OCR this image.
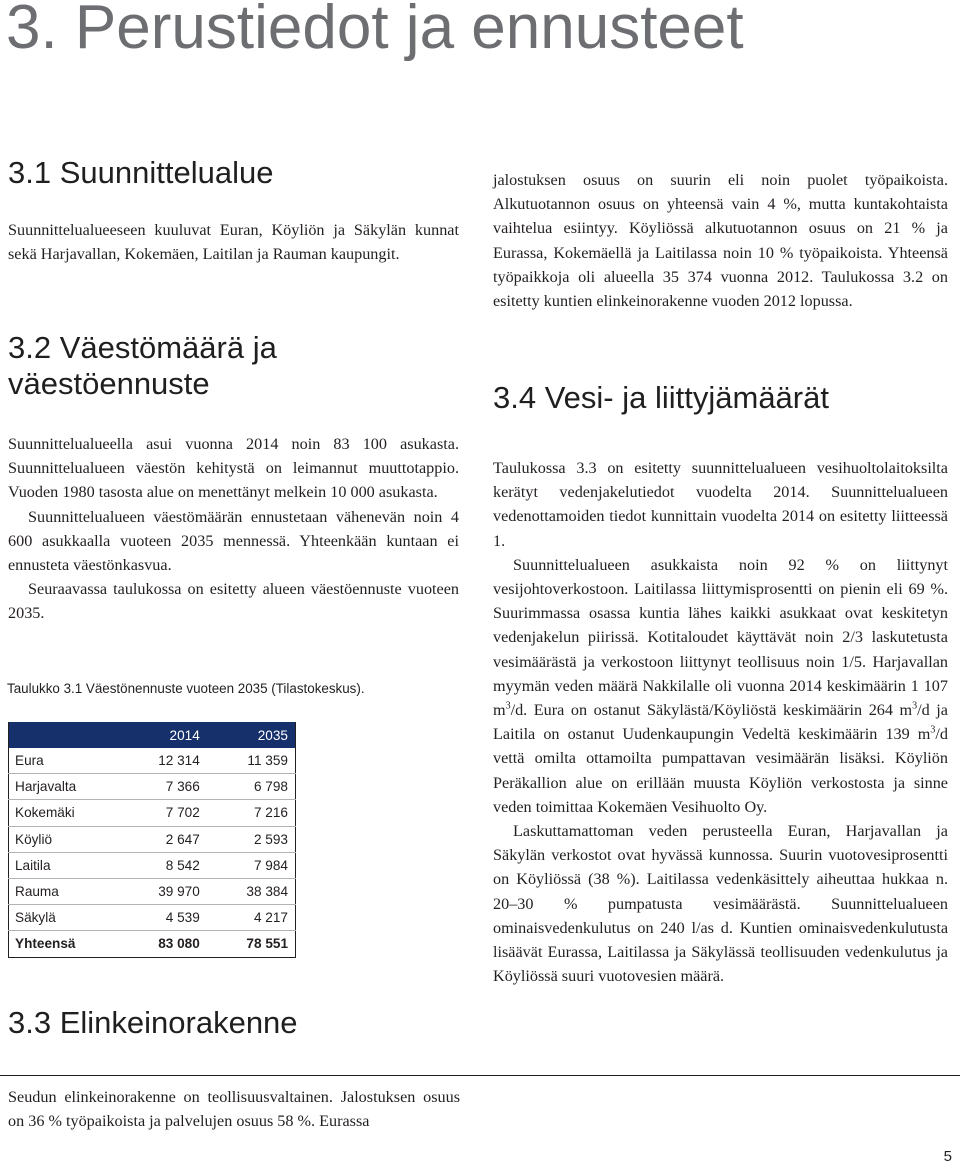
3. Perustiedot ja ennusteet
3.1 Suunnittelualue

Suunnittelualueeseen kuuluvat Euran, Köyliön ja Säkylän kunnat sekä Harjavallan, Kokemäen, Laitilan ja Rauman kaupungit.

3.2 Väestömäärä ja
väestöennuste

Suunnittelualueella asui vuonna 2014 noin 83 100 asukasta. Suunnittelualueen väestön kehitystä on leimannut muuttotappio. Vuoden 1980 tasosta alue on menettänyt melkein 10 000 asukasta.

Suunnittelualueen väestömäärän ennustetaan vähenevän noin 4 600 asukkaalla vuoteen 2035 mennessä. Yhteenkään kuntaan ei ennusteta väestönkasvua.

Seuraavassa taulukossa on esitetty alueen väestöennuste vuoteen 2035.

Taulukko 3.1 Väestönennuste vuoteen 2035 (Tilastokeskus).
	2014	2035
Eura	12 314	11 359
Harjavalta	7 366	6 798
Kokemäki	7 702	7 216
Köyliö	2 647	2 593
Laitila	8 542	7 984
Rauma	39 970	38 384
Säkylä	4 539	4 217
Yhteensä	83 080	78 551
3.3 Elinkeinorakenne

Seudun elinkeinorakenne on teollisuusvaltainen. Jalostuksen osuus on 36 % työpaikoista ja palvelujen osuus 58 %. Eurassa

jalostuksen osuus on suurin eli noin puolet työpaikoista. Alkutuotannon osuus on yhteensä vain 4 %, mutta kuntakohtaista vaihtelua esiintyy. Köyliössä alkutuotannon osuus on 21 % ja Eurassa, Kokemäellä ja Laitilassa noin 10 % työpaikoista. Yhteensä työpaikkoja oli alueella 35 374 vuonna 2012. Taulukossa 3.2 on esitetty kuntien elinkeinorakenne vuoden 2012 lopussa.

3.4 Vesi- ja liittyjämäärät

Taulukossa 3.3 on esitetty suunnittelualueen vesihuoltolaitoksilta kerätyt vedenjakelutiedot vuodelta 2014. Suunnittelualueen vedenottamoiden tiedot kunnittain vuodelta 2014 on esitetty liitteessä 1.

Suunnittelualueen asukkaista noin 92 % on liittynyt vesijohtoverkostoon. Laitilassa liittymisprosentti on pienin eli 69 %. Suurimmassa osassa kuntia lähes kaikki asukkaat ovat keskitetyn vedenjakelun piirissä. Kotitaloudet käyttävät noin 2/3 laskutetusta vesimäärästä ja verkostoon liittynyt teollisuus noin 1/5. Harjavallan myymän veden määrä Nakkilalle oli vuonna 2014 keskimäärin 1 107 $m^3/d$. Eura on ostanut Säkylästä/Köyliöstä keskimäärin 264 $m^3/d$ ja Laitila on ostanut Uudenkaupungin Vedeltä keskimäärin 139 $m^3/d$ vettä omilta ottamoilta pumpattavan vesimäärän lisäksi. Köyliön Peräkallion alue on erillään muusta Köyliön verkostosta ja sinne veden toimittaa Kokemäen Vesihuolto Oy.

Laskuttamattoman veden perusteella Euran, Harjavallan ja Säkylän verkostot ovat hyvässä kunnossa. Suurin vuotovesiprosentti on Köyliössä (38 %). Laitilassa vedenkäsittely aiheuttaa hukkaa n. 20–30 % pumpatusta vesimäärästä. Suunnittelualueen ominaisvedenkulutus on 240 l/as d. Kuntien ominaisvedenkulutusta lisäävät Eurassa, Laitilassa ja Säkylässä teollisuuden vedenkulutus ja Köyliössä suuri vuotovesien määrä.

5
